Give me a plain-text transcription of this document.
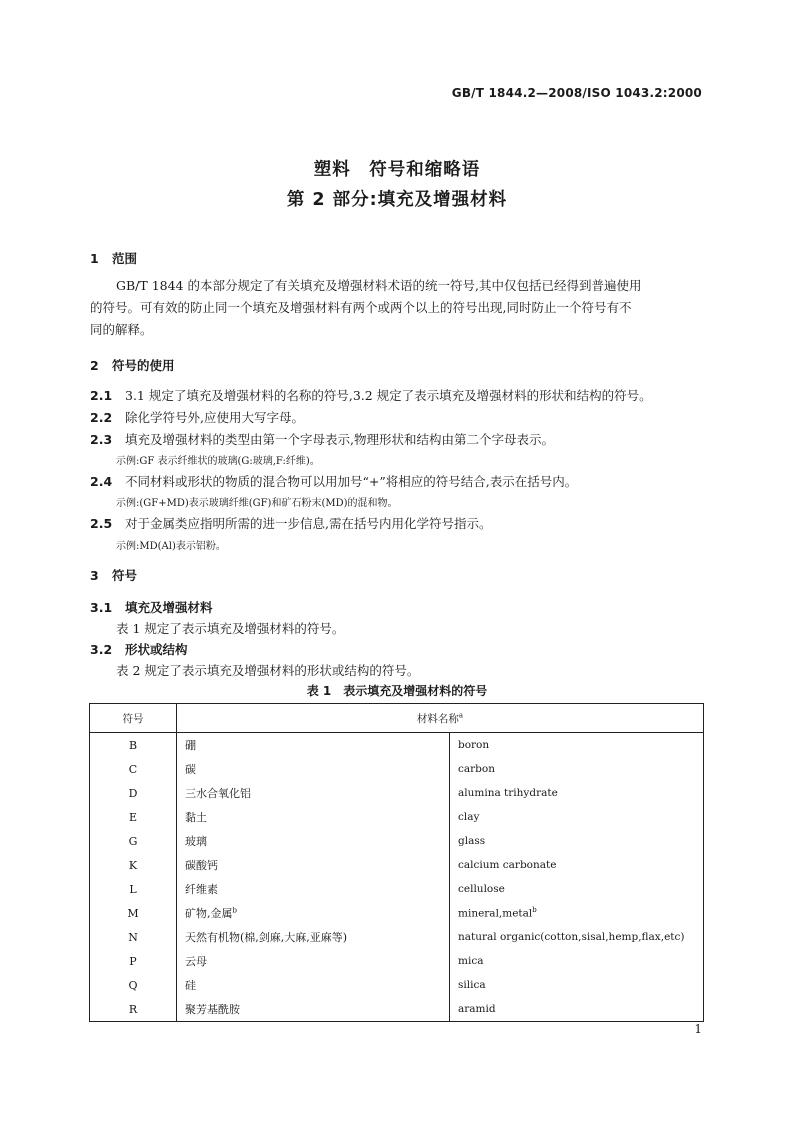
GB/T 1844.2—2008/ISO 1043.2:2000
塑料　符号和缩略语
第 2 部分:填充及增强材料
1 范围
GB/T 1844 的本部分规定了有关填充及增强材料术语的统一符号,其中仅包括已经得到普遍使用
的符号。可有效的防止同一个填充及增强材料有两个或两个以上的符号出现,同时防止一个符号有不
同的解释。
2 符号的使用
2.1 3.1 规定了填充及增强材料的名称的符号,3.2 规定了表示填充及增强材料的形状和结构的符号。
2.2 除化学符号外,应使用大写字母。
2.3 填充及增强材料的类型由第一个字母表示,物理形状和结构由第二个字母表示。
示例:GF 表示纤维状的玻璃(G:玻璃,F:纤维)。
2.4 不同材料或形状的物质的混合物可以用加号“+”将相应的符号结合,表示在括号内。
示例:(GF+MD)表示玻璃纤维(GF)和矿石粉末(MD)的混和物。
2.5 对于金属类应指明所需的进一步信息,需在括号内用化学符号指示。
示例:MD(Al)表示铝粉。
3 符号
3.1 填充及增强材料
表 1 规定了表示填充及增强材料的符号。
3.2 形状或结构
表 2 规定了表示填充及增强材料的形状或结构的符号。
表 1　表示填充及增强材料的符号
符号	材料名称$^a$
B	硼	boron
C	碳	carbon
D	三水合氧化铝	alumina trihydrate
E	黏土	clay
G	玻璃	glass
K	碳酸钙	calcium carbonate
L	纤维素	cellulose
M	矿物,金属$^b$	mineral,metal$^b$
N	天然有机物(棉,剑麻,大麻,亚麻等)	natural organic(cotton,sisal,hemp,flax,etc)
P	云母	mica
Q	硅	silica
R	聚芳基酰胺	aramid
1
